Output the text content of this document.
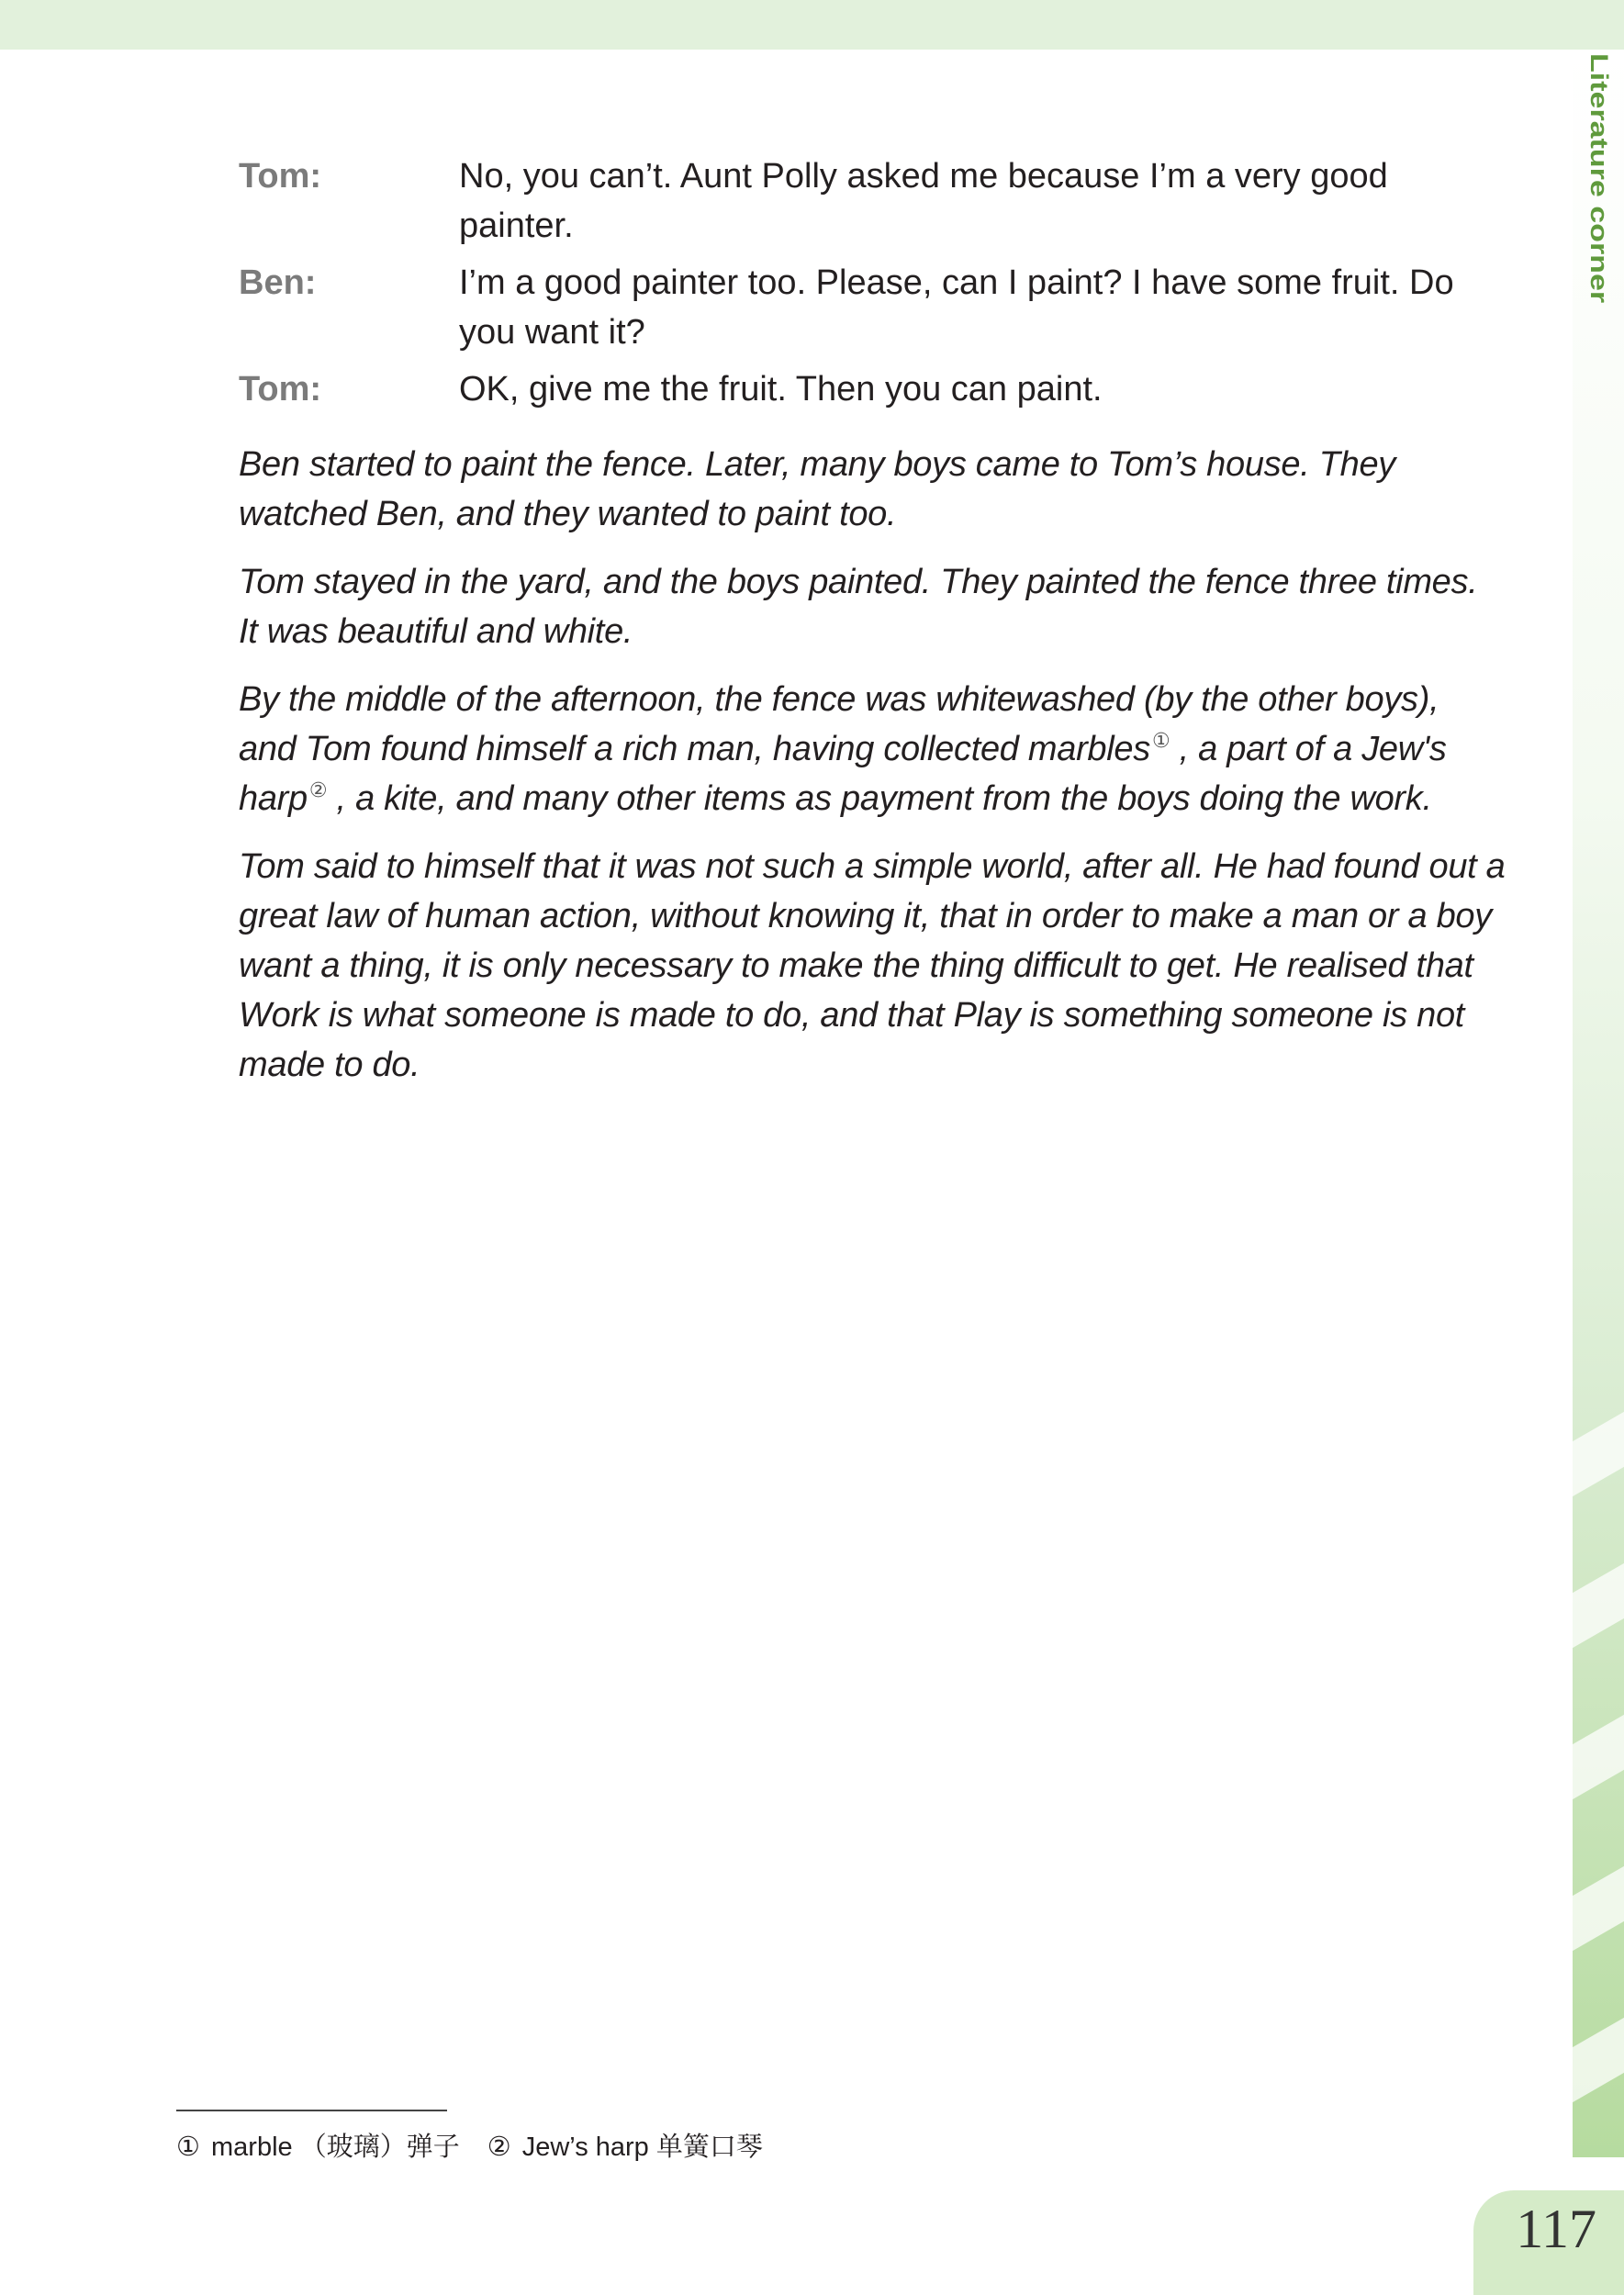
Literature corner
Tom:	No, you can’t. Aunt Polly asked me because I’m a very good painter.
Ben:	I’m a good painter too. Please, can I paint? I have some fruit. Do you want it?
Tom:	OK, give me the fruit. Then you can paint.

Ben started to paint the fence. Later, many boys came to Tom’s house. They watched Ben, and they wanted to paint too.

Tom stayed in the yard, and the boys painted. They painted the fence three times. It was beautiful and white.

By the middle of the afternoon, the fence was whitewashed (by the other boys), and Tom found himself a rich man, having collected marbles① , a part of a Jew's harp② , a kite, and many other items as payment from the boys doing the work.

Tom said to himself that it was not such a simple world, after all. He had found out a great law of human action, without knowing it, that in order to make a man or a boy want a thing, it is only necessary to make the thing difficult to get. He realised that Work is what someone is made to do, and that Play is something someone is not made to do.

① marble （玻璃）弹子 ② Jew’s harp 单簧口琴
117
